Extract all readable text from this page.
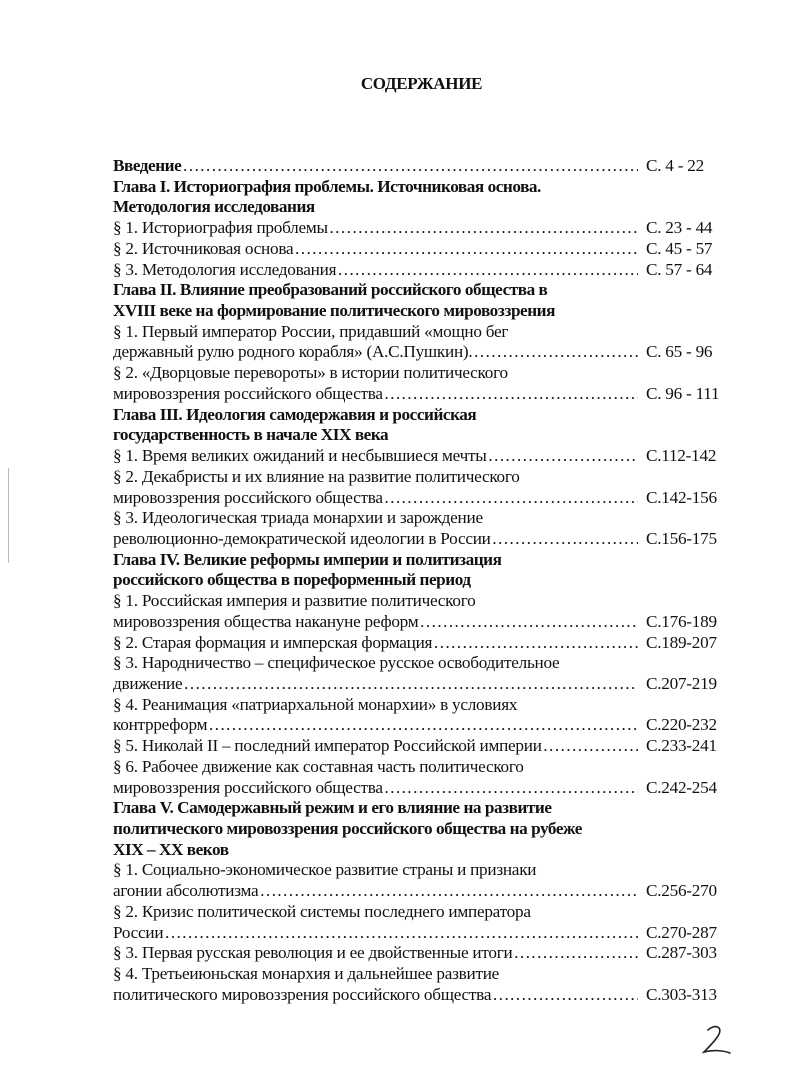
СОДЕРЖАНИЕ
Введение …………………………………………………………………………………………………………………………	С. 4 - 22
Глава I. Историография проблемы. Источниковая основа.
Методология исследования
§ 1. Историография проблемы …………………………………………………………………………………………………………………………	С. 23 - 44
§ 2. Источниковая основа …………………………………………………………………………………………………………………………	С. 45 - 57
§ 3. Методология исследования …………………………………………………………………………………………………………………………	С. 57 - 64
Глава II. Влияние преобразований российского общества в
XVIII веке на формирование политического мировоззрения
§ 1. Первый император России, придавший «мощно бег
державный рулю родного корабля» (А.С.Пушкин). …………………………………………………………………………………………………………………………	С. 65 - 96
§ 2. «Дворцовые перевороты» в истории политического
мировоззрения российского общества …………………………………………………………………………………………………………………………	С. 96 - 111
Глава III. Идеология самодержавия и российская
государственность в начале XIX века
§ 1. Время великих ожиданий и несбывшиеся мечты …………………………………………………………………………………………………………………………	С.112-142
§ 2. Декабристы и их влияние на развитие политического
мировоззрения российского общества …………………………………………………………………………………………………………………………	С.142-156
§ 3. Идеологическая триада монархии и зарождение
революционно-демократической идеологии в России …………………………………………………………………………………………………………………………	С.156-175
Глава IV. Великие реформы империи и политизация
российского общества в пореформенный период
§ 1. Российская империя и развитие политического
мировоззрения общества накануне реформ …………………………………………………………………………………………………………………………	С.176-189
§ 2. Старая формация и имперская формация …………………………………………………………………………………………………………………………	С.189-207
§ 3. Народничество – специфическое русское освободительное
движение …………………………………………………………………………………………………………………………	С.207-219
§ 4. Реанимация «патриархальной монархии» в условиях
контрреформ …………………………………………………………………………………………………………………………	С.220-232
§ 5. Николай II – последний император Российской империи …………………………………………………………………………………………………………………………	С.233-241
§ 6. Рабочее движение как составная часть политического
мировоззрения российского общества …………………………………………………………………………………………………………………………	С.242-254
Глава V. Самодержавный режим и его влияние на развитие
политического мировоззрения российского общества на рубеже
XIX – XX веков
§ 1. Социально-экономическое развитие страны и признаки
агонии абсолютизма …………………………………………………………………………………………………………………………	С.256-270
§ 2. Кризис политической системы последнего императора
России …………………………………………………………………………………………………………………………	С.270-287
§ 3. Первая русская революция и ее двойственные итоги …………………………………………………………………………………………………………………………	С.287-303
§ 4. Третьеиюньская монархия и дальнейшее развитие
политического мировоззрения российского общества …………………………………………………………………………………………………………………………	С.303-313
